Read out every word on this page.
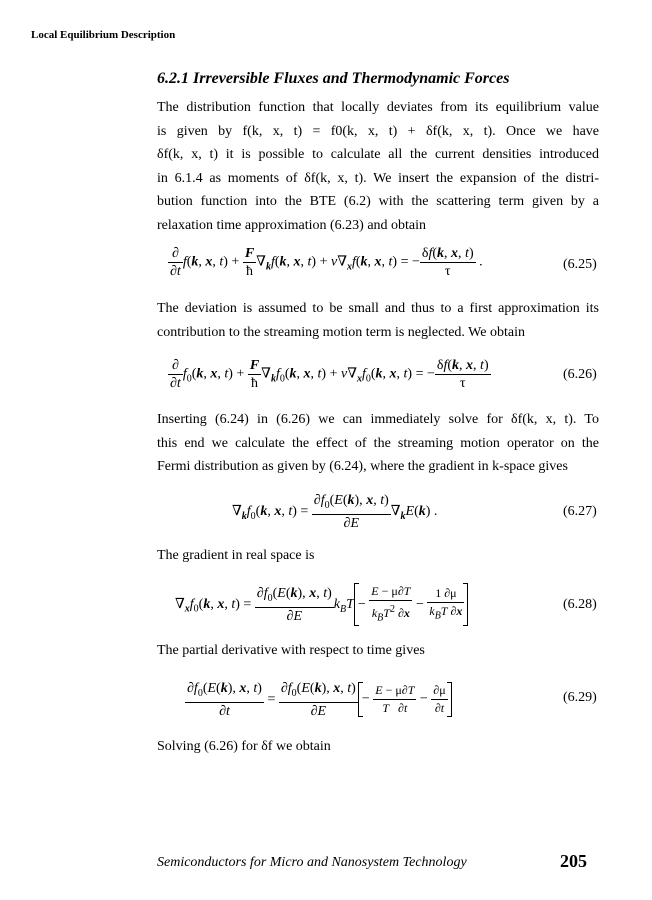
Local Equilibrium Description
6.2.1 Irreversible Fluxes and Thermodynamic Forces
The distribution function that locally deviates from its equilibrium value
is given by f(k, x, t) = f0(k, x, t) + δf(k, x, t). Once we have
δf(k, x, t) it is possible to calculate all the current densities introduced
in 6.1.4 as moments of δf(k, x, t). We insert the expansion of the distri-
bution function into the BTE (6.2) with the scattering term given by a
relaxation time approximation (6.23) and obtain
$\frac{\partial}{\partial t} f(k$, x, $t) + \frac{F}{ħ} \nabla_kf(k$, x, $t) + v\nabla_xf(k$, x, t) = − $\frac{\delta f(k, x, t)}{\tau}$ .	(6.25)
The deviation is assumed to be small and thus to a first approximation its
contribution to the streaming motion term is neglected. We obtain
$\frac{\partial}{\partial t} f_0(k$, x, $t) + \frac{F}{ħ} \nabla_kf_0(k$, x, $t) + v\nabla_xf_0(k$, x, t) = − $\frac{\delta f(k, x, t)}{\tau}$	(6.26)
Inserting (6.24) in (6.26) we can immediately solve for δf(k, x, t). To
this end we calculate the effect of the streaming motion operator on the
Fermi distribution as given by (6.24), where the gradient in k-space gives
$\nabla_kf_0(k$, x, $t) = \frac{\partial f_0(E(k), x, t)}{\partial E} \nabla_kE(k)$ .	(6.27)
The gradient in real space is
$\nabla_xf_0(k$, x, $t) = \frac{\partial f_0(E(k), x, t)}{\partial E} k_BT- \frac{E - \mu\partial T}{k_BT^2 \partial x} - \frac{1 \partial\mu}{k_BT \partial x}$	(6.28)
The partial derivative with respect to time gives
$\frac{\partial f_0(E(k), x, t)}{\partial t} = \frac{\partial f_0(E(k), x, t)}{\partial E} - \frac{E - \mu\partial T}{T \partial t} - \frac{\partial\mu}{\partial t}$	(6.29)
Solving (6.26) for δf we obtain
Semiconductors for Micro and Nanosystem Technology	205
